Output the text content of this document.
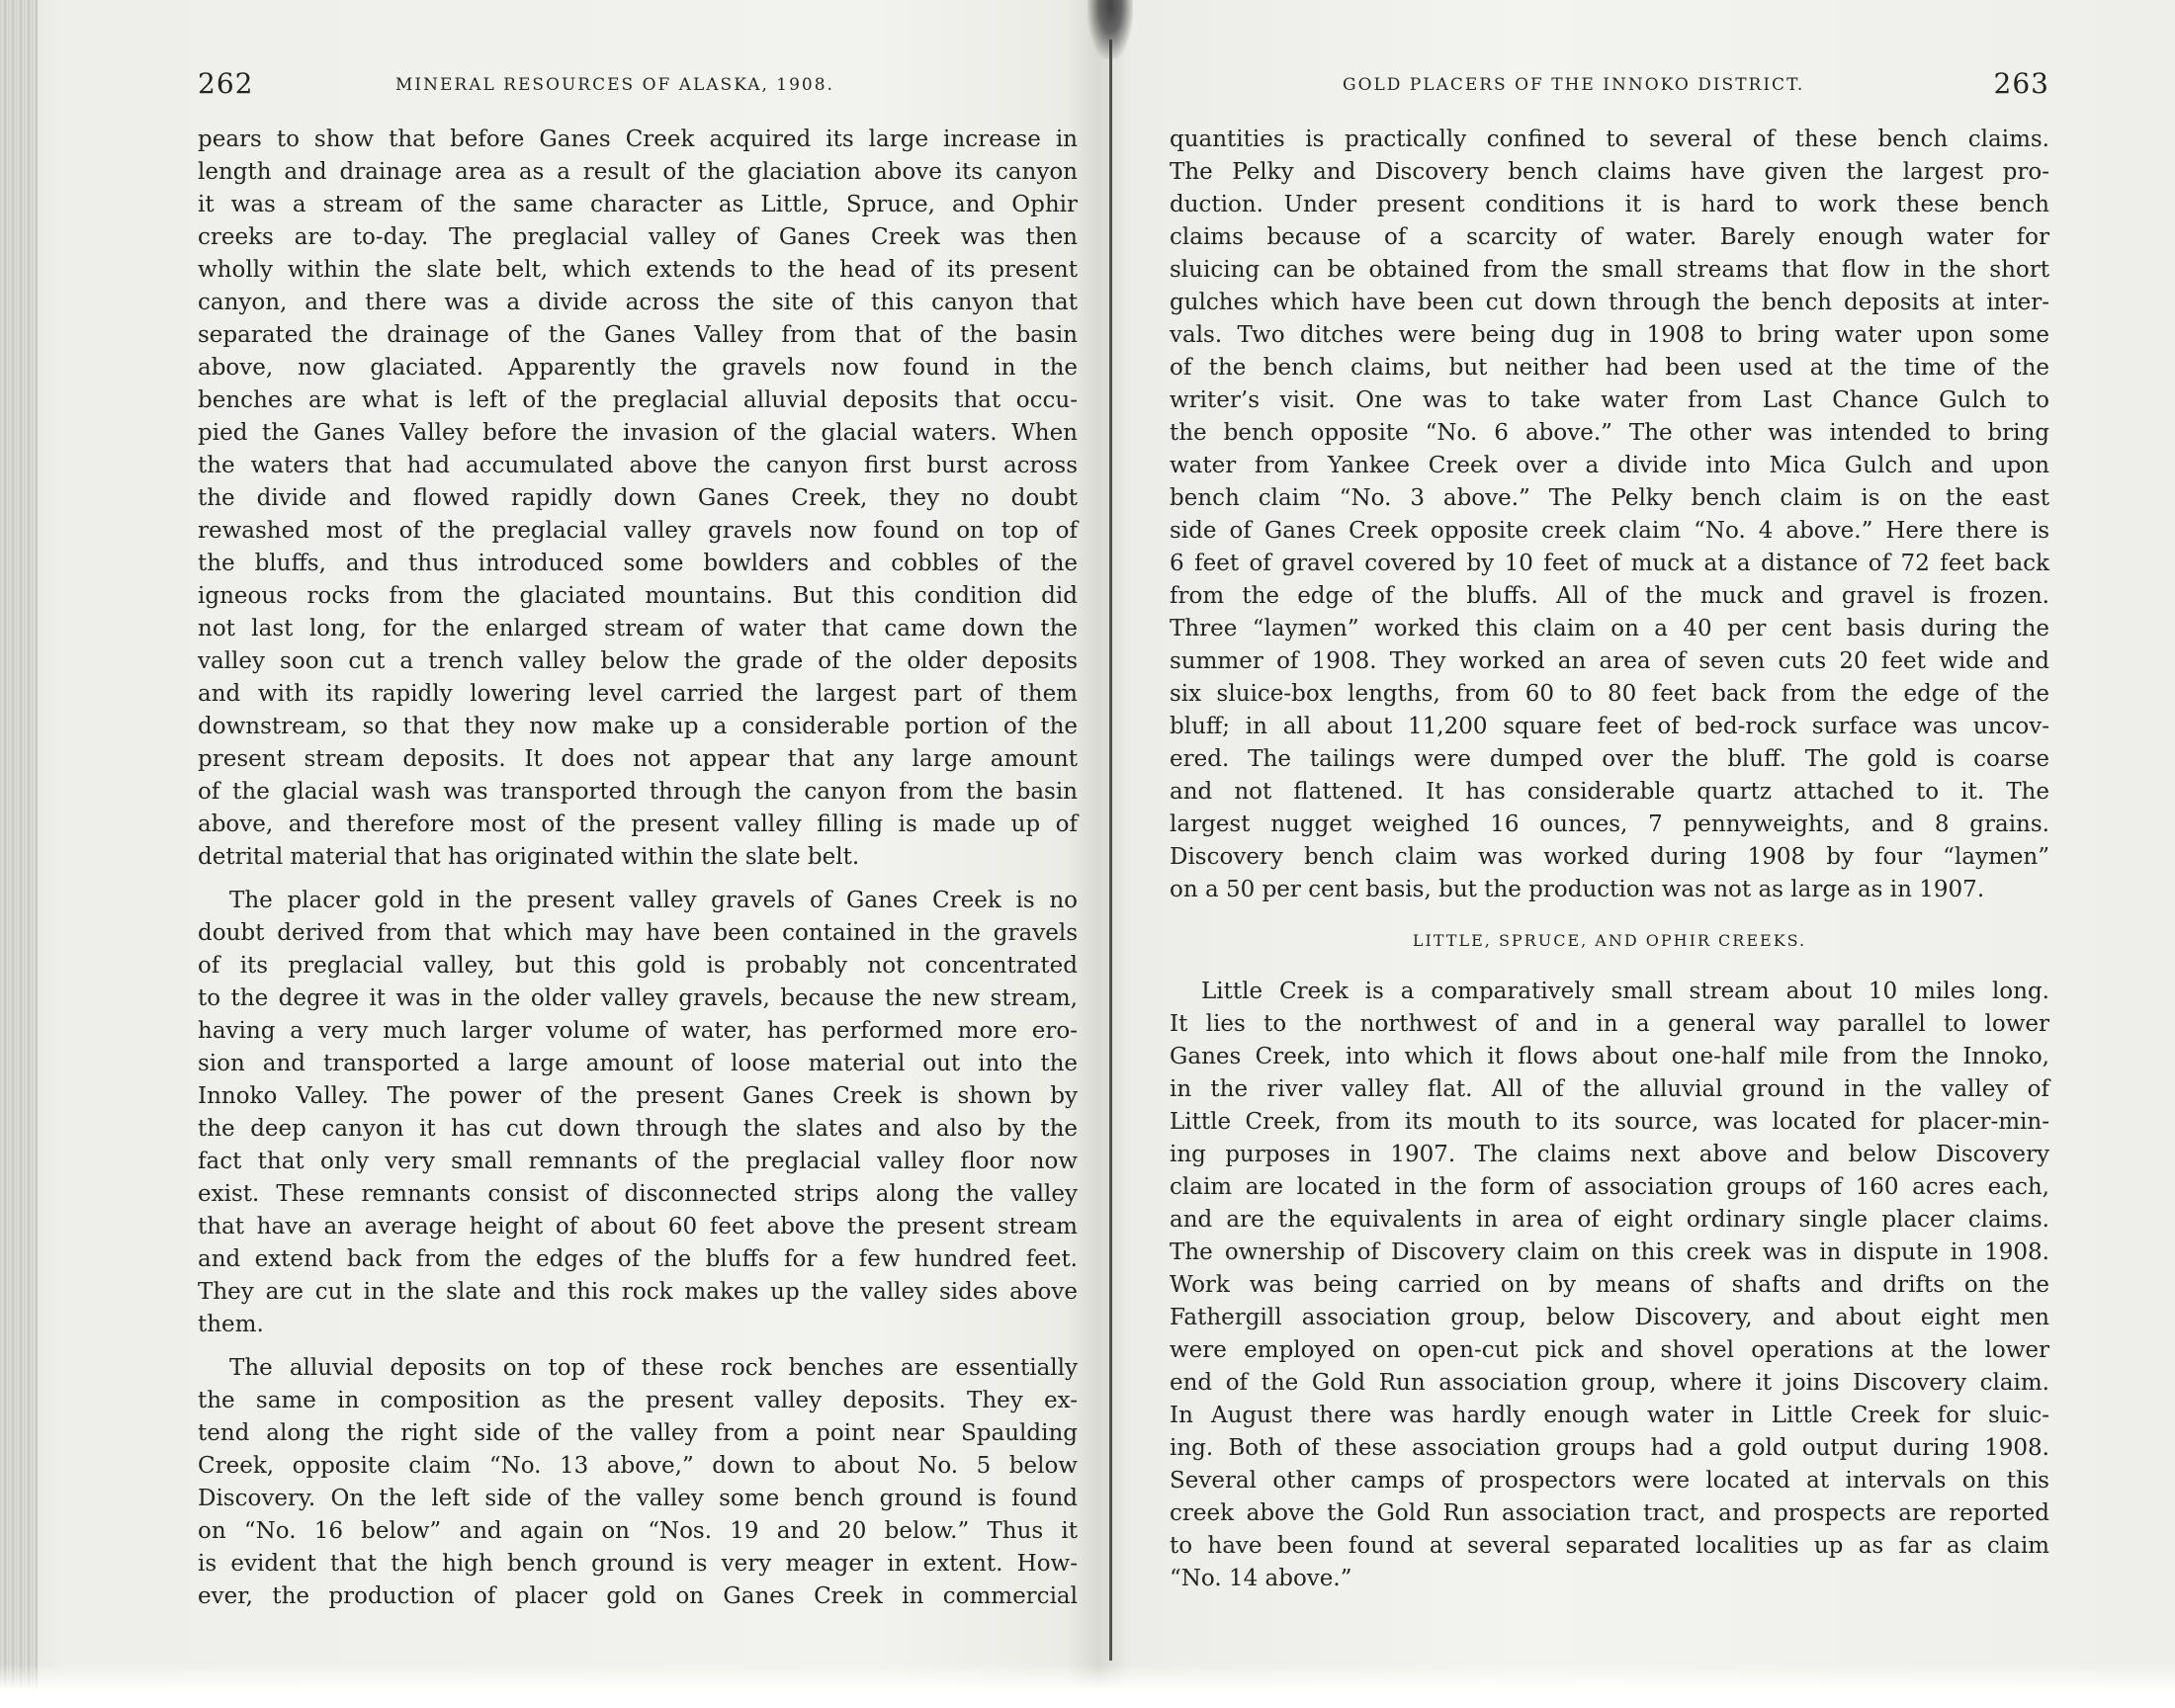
262	MINERAL RESOURCES OF ALASKA, 1908.
pears to show that before Ganes Creek acquired its large increase in
length and drainage area as a result of the glaciation above its canyon
it was a stream of the same character as Little, Spruce, and Ophir
creeks are to-day. The preglacial valley of Ganes Creek was then
wholly within the slate belt, which extends to the head of its present
canyon, and there was a divide across the site of this canyon that
separated the drainage of the Ganes Valley from that of the basin
above, now glaciated. Apparently the gravels now found in the
benches are what is left of the preglacial alluvial deposits that occu-
pied the Ganes Valley before the invasion of the glacial waters. When
the waters that had accumulated above the canyon first burst across
the divide and flowed rapidly down Ganes Creek, they no doubt
rewashed most of the preglacial valley gravels now found on top of
the bluffs, and thus introduced some bowlders and cobbles of the
igneous rocks from the glaciated mountains. But this condition did
not last long, for the enlarged stream of water that came down the
valley soon cut a trench valley below the grade of the older deposits
and with its rapidly lowering level carried the largest part of them
downstream, so that they now make up a considerable portion of the
present stream deposits. It does not appear that any large amount
of the glacial wash was transported through the canyon from the basin
above, and therefore most of the present valley filling is made up of
detrital material that has originated within the slate belt.
The placer gold in the present valley gravels of Ganes Creek is no
doubt derived from that which may have been contained in the gravels
of its preglacial valley, but this gold is probably not concentrated
to the degree it was in the older valley gravels, because the new stream,
having a very much larger volume of water, has performed more ero-
sion and transported a large amount of loose material out into the
Innoko Valley. The power of the present Ganes Creek is shown by
the deep canyon it has cut down through the slates and also by the
fact that only very small remnants of the preglacial valley floor now
exist. These remnants consist of disconnected strips along the valley
that have an average height of about 60 feet above the present stream
and extend back from the edges of the bluffs for a few hundred feet.
They are cut in the slate and this rock makes up the valley sides above
them.
The alluvial deposits on top of these rock benches are essentially
the same in composition as the present valley deposits. They ex-
tend along the right side of the valley from a point near Spaulding
Creek, opposite claim “No. 13 above,” down to about No. 5 below
Discovery. On the left side of the valley some bench ground is found
on “No. 16 below” and again on “Nos. 19 and 20 below.” Thus it
is evident that the high bench ground is very meager in extent. How-
ever, the production of placer gold on Ganes Creek in commercial
GOLD PLACERS OF THE INNOKO DISTRICT.	263
quantities is practically confined to several of these bench claims.
The Pelky and Discovery bench claims have given the largest pro-
duction. Under present conditions it is hard to work these bench
claims because of a scarcity of water. Barely enough water for
sluicing can be obtained from the small streams that flow in the short
gulches which have been cut down through the bench deposits at inter-
vals. Two ditches were being dug in 1908 to bring water upon some
of the bench claims, but neither had been used at the time of the
writer’s visit. One was to take water from Last Chance Gulch to
the bench opposite “No. 6 above.” The other was intended to bring
water from Yankee Creek over a divide into Mica Gulch and upon
bench claim “No. 3 above.” The Pelky bench claim is on the east
side of Ganes Creek opposite creek claim “No. 4 above.” Here there is
6 feet of gravel covered by 10 feet of muck at a distance of 72 feet back
from the edge of the bluffs. All of the muck and gravel is frozen.
Three “laymen” worked this claim on a 40 per cent basis during the
summer of 1908. They worked an area of seven cuts 20 feet wide and
six sluice-box lengths, from 60 to 80 feet back from the edge of the
bluff; in all about 11,200 square feet of bed-rock surface was uncov-
ered. The tailings were dumped over the bluff. The gold is coarse
and not flattened. It has considerable quartz attached to it. The
largest nugget weighed 16 ounces, 7 pennyweights, and 8 grains.
Discovery bench claim was worked during 1908 by four “laymen”
on a 50 per cent basis, but the production was not as large as in 1907.
LITTLE, SPRUCE, AND OPHIR CREEKS.
Little Creek is a comparatively small stream about 10 miles long.
It lies to the northwest of and in a general way parallel to lower
Ganes Creek, into which it flows about one-half mile from the Innoko,
in the river valley flat. All of the alluvial ground in the valley of
Little Creek, from its mouth to its source, was located for placer-min-
ing purposes in 1907. The claims next above and below Discovery
claim are located in the form of association groups of 160 acres each,
and are the equivalents in area of eight ordinary single placer claims.
The ownership of Discovery claim on this creek was in dispute in 1908.
Work was being carried on by means of shafts and drifts on the
Fathergill association group, below Discovery, and about eight men
were employed on open-cut pick and shovel operations at the lower
end of the Gold Run association group, where it joins Discovery claim.
In August there was hardly enough water in Little Creek for sluic-
ing. Both of these association groups had a gold output during 1908.
Several other camps of prospectors were located at intervals on this
creek above the Gold Run association tract, and prospects are reported
to have been found at several separated localities up as far as claim
“No. 14 above.”
